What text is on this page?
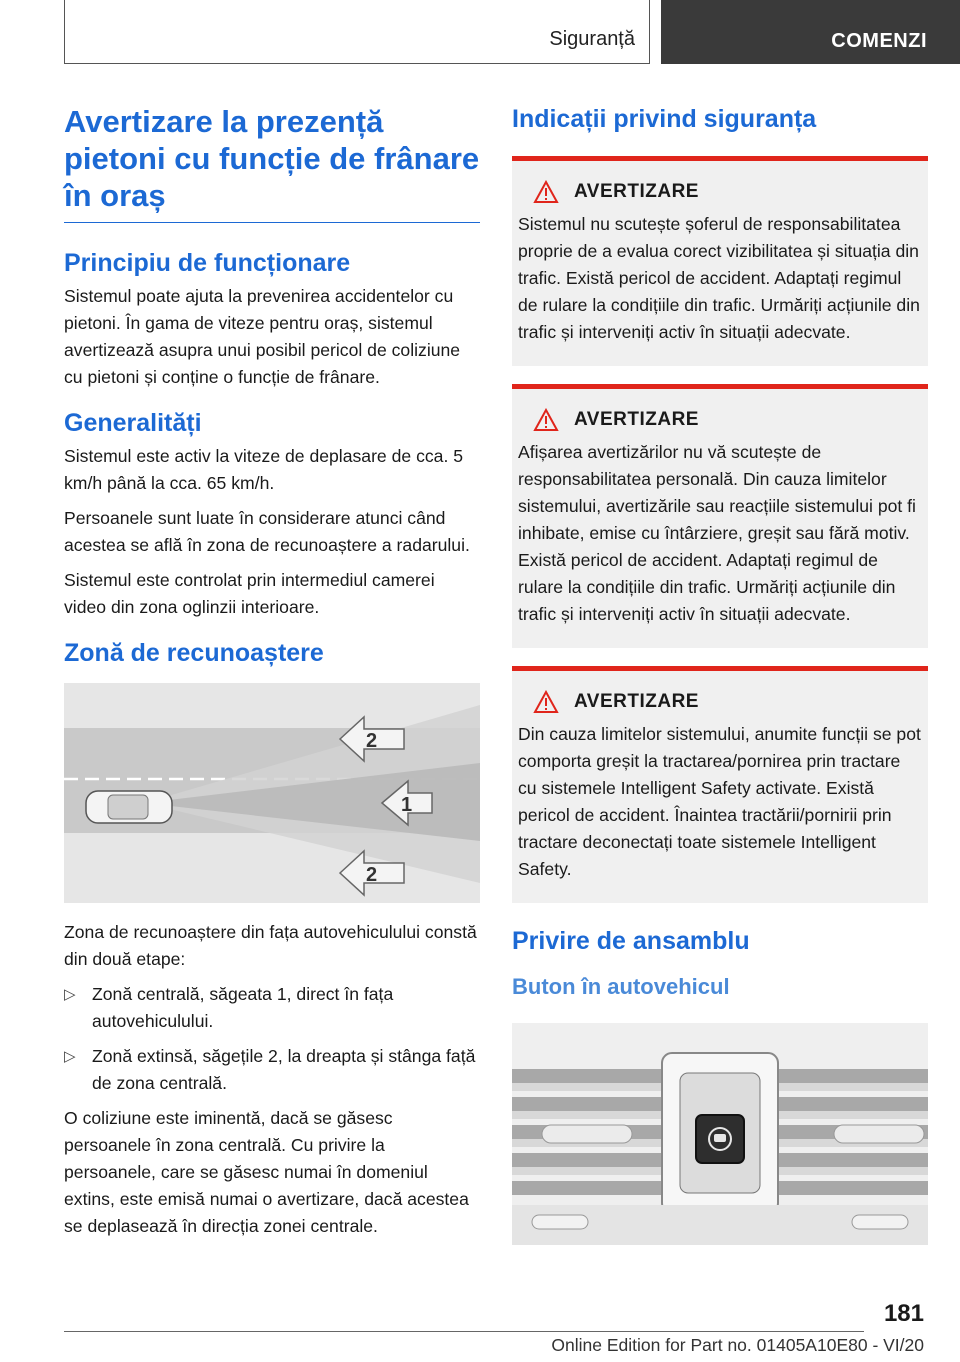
Siguranță	COMENZI
Avertizare la prezență pietoni cu funcție de frânare în oraș
Principiu de funcționare

Sistemul poate ajuta la prevenirea accidentelor cu pietoni. În gama de viteze pentru oraș, sistemul avertizează asupra unui posibil pericol de coliziune cu pietoni și conține o funcție de frânare.

Generalități

Sistemul este activ la viteze de deplasare de cca. 5 km/h până la cca. 65 km/h.

Persoanele sunt luate în considerare atunci când acestea se află în zona de recunoaștere a radarului.

Sistemul este controlat prin intermediul camerei video din zona oglinzii interioare.

Zonă de recunoaștere
2
1
2

Zona de recunoaștere din fața autovehiculului constă din două etape:

▷ Zonă centrală, săgeata 1, direct în fața autovehiculului.
▷ Zonă extinsă, săgețile 2, la dreapta și stânga față de zona centrală.

O coliziune este iminentă, dacă se găsesc persoanele în zona centrală. Cu privire la persoanele, care se găsesc numai în domeniul extins, este emisă numai o avertizare, dacă acestea se deplasează în direcția zonei centrale.

Indicații privind siguranța
AVERTIZARE
Sistemul nu scutește șoferul de responsabilitatea proprie de a evalua corect vizibilitatea și situația din trafic. Există pericol de accident. Adaptați regimul de rulare la condițiile din trafic. Urmăriți acțiunile din trafic și interveniți activ în situații adecvate.
AVERTIZARE
Afișarea avertizărilor nu vă scutește de responsabilitatea personală. Din cauza limitelor sistemului, avertizările sau reacțiile sistemului pot fi inhibate, emise cu întârziere, greșit sau fără motiv. Există pericol de accident. Adaptați regimul de rulare la condițiile din trafic. Urmăriți acțiunile din trafic și interveniți activ în situații adecvate.
AVERTIZARE
Din cauza limitelor sistemului, anumite funcții se pot comporta greșit la tractarea/pornirea prin tractare cu sistemele Intelligent Safety activate. Există pericol de accident. Înaintea tractării/pornirii prin tractare deconectați toate sistemele Intelligent Safety.
Privire de ansamblu
Buton în autovehicul
181
Online Edition for Part no. 01405A10E80 - VI/20
